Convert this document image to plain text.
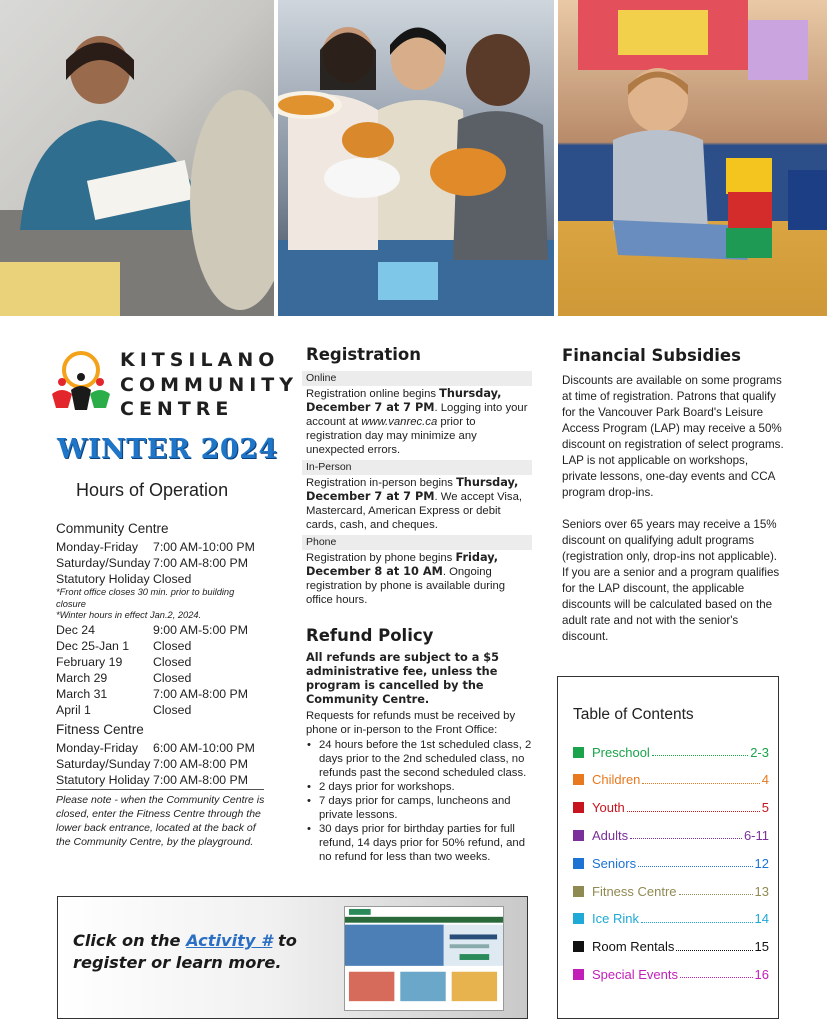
KITSILANO
COMMUNITY
CENTRE
WINTER 2024
Hours of Operation
Community Centre
Monday-Friday	7:00 AM-10:00 PM
Saturday/Sunday 7:00 AM-8:00 PM
Statutory Holiday Closed
*Front office closes 30 min. prior to building closure
*Winter hours in effect Jan.2, 2024.
Dec 24	9:00 AM-5:00 PM
Dec 25-Jan 1	Closed
February 19	Closed
March 29	Closed
March 31	7:00 AM-8:00 PM
April 1	Closed
Fitness Centre
Monday-Friday	6:00 AM-10:00 PM
Saturday/Sunday 7:00 AM-8:00 PM
Statutory Holiday 7:00 AM-8:00 PM
Please note - when the Community Centre is closed, enter the Fitness Centre through the lower back entrance, located at the back of the Community Centre, by the playground.
Registration
Online
Registration online begins Thursday, December 7 at 7 PM. Logging into your account at www.vanrec.ca prior to registration day may minimize any unexpected errors.
In-Person
Registration in-person begins Thursday, December 7 at 7 PM. We accept Visa, Mastercard, American Express or debit cards, cash, and cheques.
Phone
Registration by phone begins Friday, December 8 at 10 AM. Ongoing registration by phone is available during office hours.
Refund Policy
All refunds are subject to a $5 administrative fee, unless the program is cancelled by the Community Centre.
Requests for refunds must be received by phone or in-person to the Front Office:
• 24 hours before the 1st scheduled class, 2 days prior to the 2nd scheduled class, no refunds past the second scheduled class.
• 2 days prior for workshops.
• 7 days prior for camps, luncheons and private lessons.
• 30 days prior for birthday parties for full refund, 14 days prior for 50% refund, and no refund for less than two weeks.
Financial Subsidies
Discounts are available on some programs at time of registration. Patrons that qualify for the Vancouver Park Board's Leisure Access Program (LAP) may receive a 50% discount on registration of select programs. LAP is not applicable on workshops, private lessons, one-day events and CCA program drop-ins.
Seniors over 65 years may receive a 15% discount on qualifying adult programs (registration only, drop-ins not applicable). If you are a senior and a program qualifies for the LAP discount, the applicable discounts will be calculated based on the adult rate and not with the senior's discount.
Table of Contents
Preschool	2-3
Children	4
Youth	5
Adults	6-11
Seniors	12
Fitness Centre	13
Ice Rink	14
Room Rentals	15
Special Events	16
Click on the Activity # to register or learn more.
